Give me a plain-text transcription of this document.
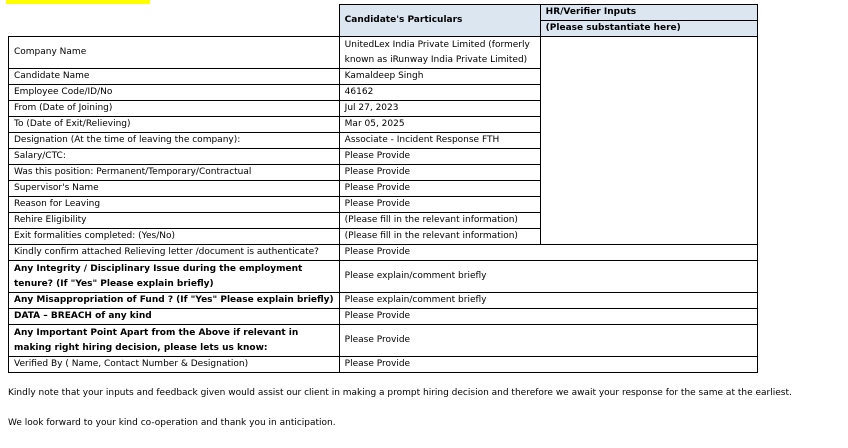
	Candidate's Particulars	HR/Verifier Inputs
		(Please substantiate here)
Company Name	UnitedLex India Private Limited (formerly known as iRunway India Private Limited)	
Candidate Name	Kamaldeep Singh	
Employee Code/ID/No	46162	
From (Date of Joining)	Jul 27, 2023	
To (Date of Exit/Relieving)	Mar 05, 2025	
Designation (At the time of leaving the company):	Associate - Incident Response FTH	
Salary/CTC:	Please Provide	
Was this position: Permanent/Temporary/Contractual	Please Provide	
Supervisor's Name	Please Provide	
Reason for Leaving	Please Provide	
Rehire Eligibility	(Please fill in the relevant information)	
Exit formalities completed: (Yes/No)	(Please fill in the relevant information)	
Kindly confirm attached Relieving letter /document is authenticate?	Please Provide	
Any Integrity / Disciplinary Issue during the employment tenure? (If "Yes" Please explain briefly)	Please explain/comment briefly	
Any Misappropriation of Fund ? (If "Yes" Please explain briefly)	Please explain/comment briefly	
DATA – BREACH of any kind	Please Provide	
Any Important Point Apart from the Above if relevant in making right hiring decision, please lets us know:	Please Provide	
Verified By ( Name, Contact Number & Designation)	Please Provide	
Kindly note that your inputs and feedback given would assist our client in making a prompt hiring decision and therefore we await your response for the same at the earliest.
We look forward to your kind co-operation and thank you in anticipation.
